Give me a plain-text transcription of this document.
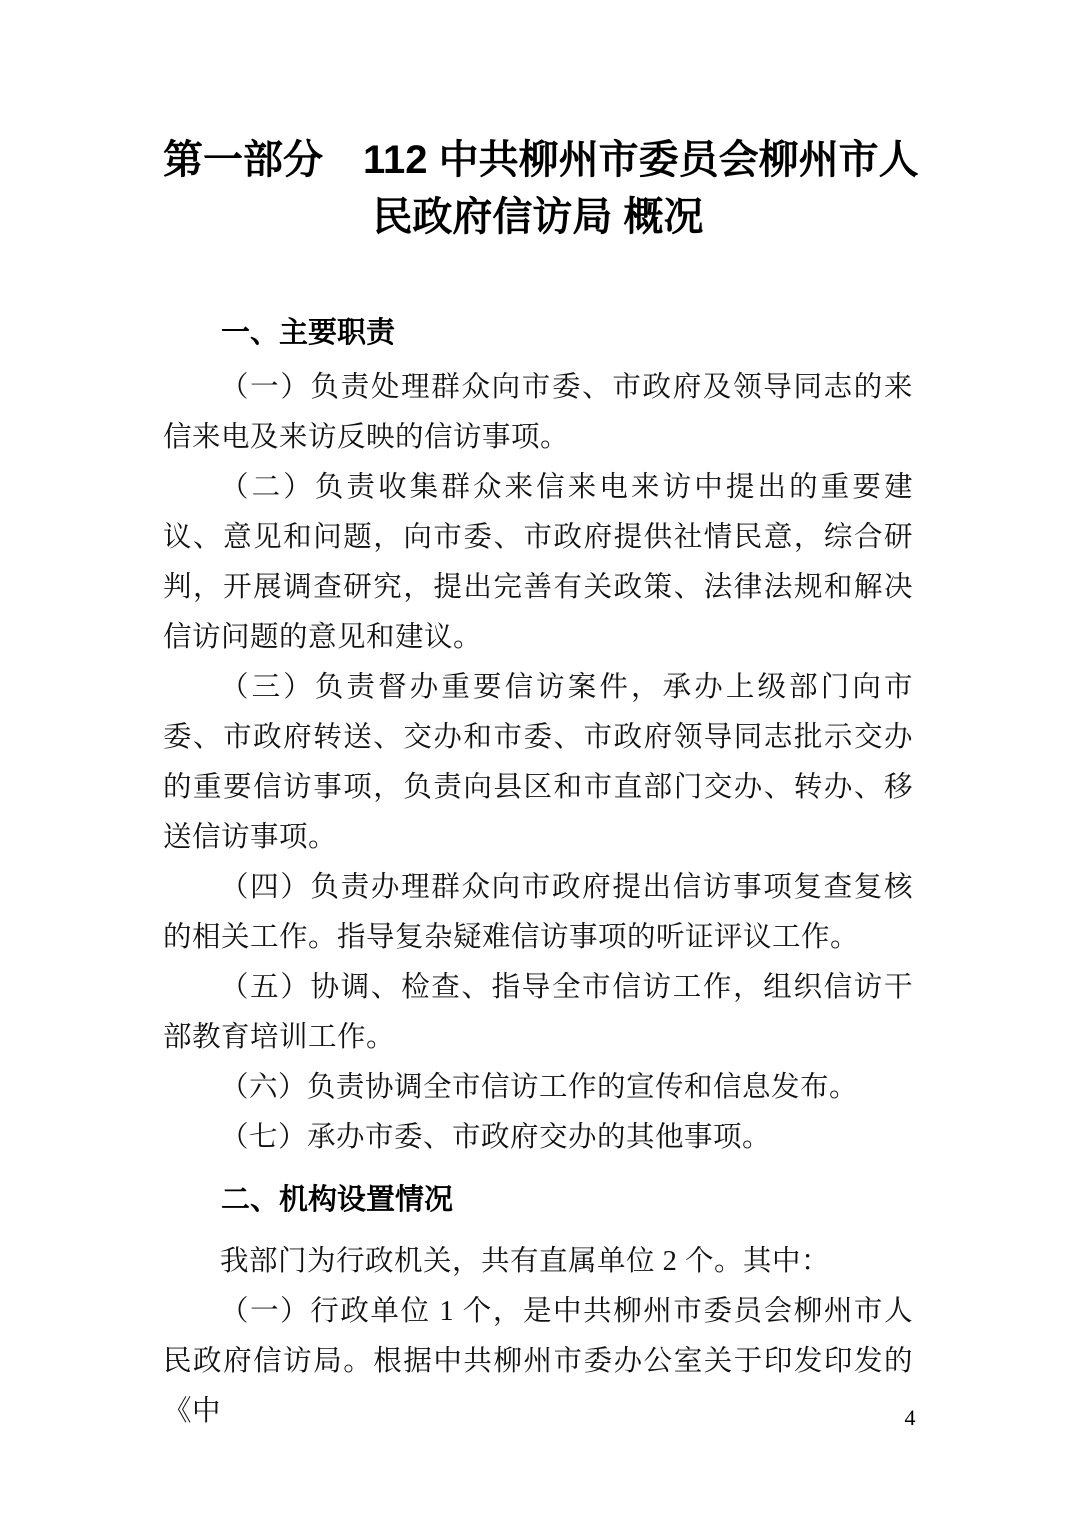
第一部分　112 中共柳州市委员会柳州市人
民政府信访局 概况
一、主要职责

（一）负责处理群众向市委、市政府及领导同志的来信来电及来访反映的信访事项。

（二）负责收集群众来信来电来访中提出的重要建议、意见和问题，向市委、市政府提供社情民意，综合研判，开展调查研究，提出完善有关政策、法律法规和解决信访问题的意见和建议。

（三）负责督办重要信访案件，承办上级部门向市委、市政府转送、交办和市委、市政府领导同志批示交办的重要信访事项，负责向县区和市直部门交办、转办、移送信访事项。

（四）负责办理群众向市政府提出信访事项复查复核的相关工作。指导复杂疑难信访事项的听证评议工作。

（五）协调、检查、指导全市信访工作，组织信访干部教育培训工作。

（六）负责协调全市信访工作的宣传和信息发布。

（七）承办市委、市政府交办的其他事项。

二、机构设置情况

我部门为行政机关，共有直属单位 2 个。其中：

（一）行政单位 1 个，是中共柳州市委员会柳州市人民政府信访局。根据中共柳州市委办公室关于印发印发的《中	4
